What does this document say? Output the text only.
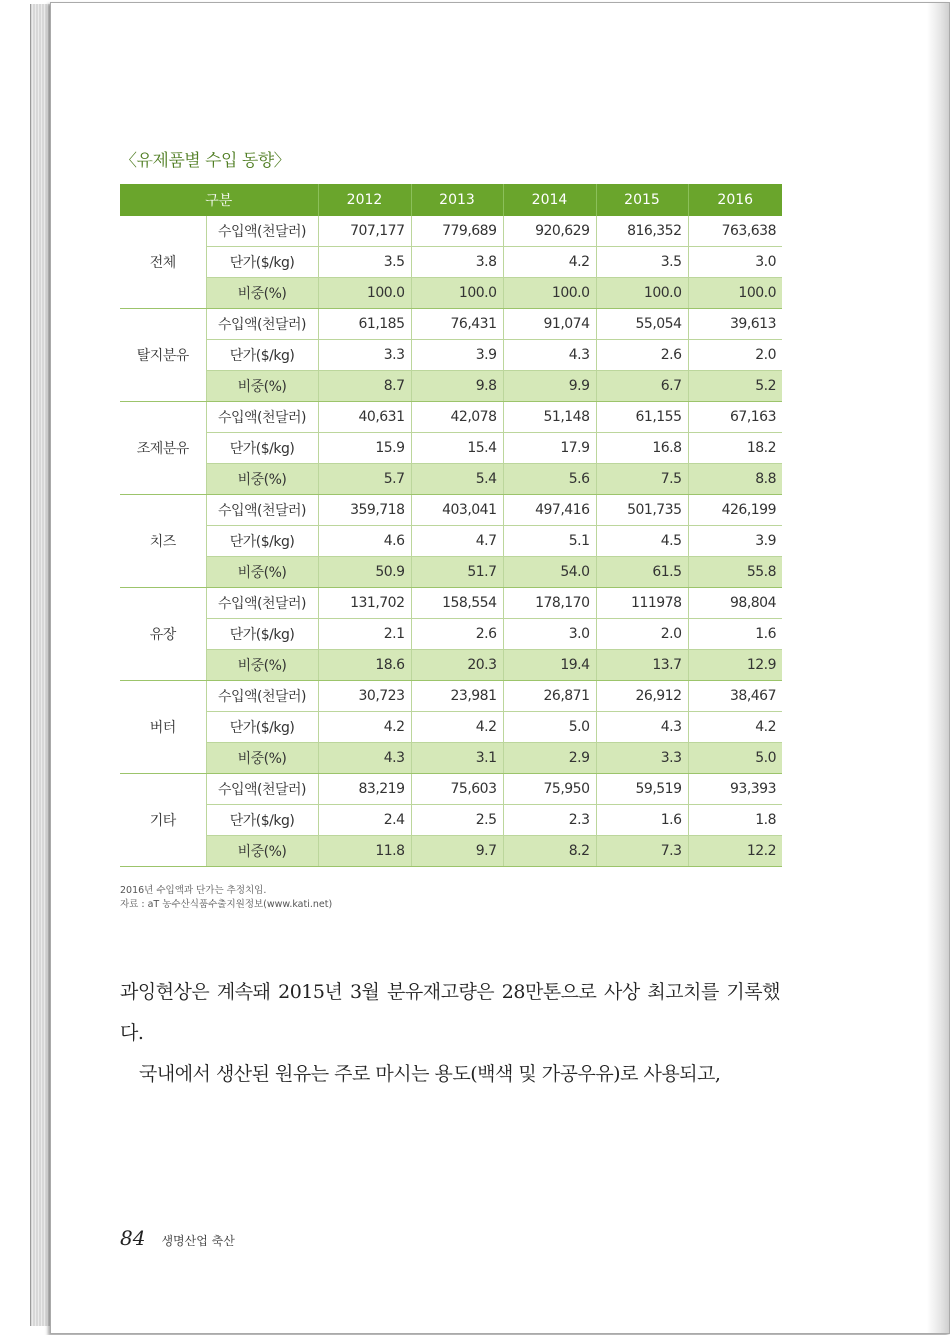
〈유제품별 수입 동향〉
구분		2012	2013	2014	2015	2016
전체	수입액(천달러)	707,177	779,689	920,629	816,352	763,638
	단가($/kg)	3.5	3.8	4.2	3.5	3.0
	비중(%)	100.0	100.0	100.0	100.0	100.0
탈지분유	수입액(천달러)	61,185	76,431	91,074	55,054	39,613
	단가($/kg)	3.3	3.9	4.3	2.6	2.0
	비중(%)	8.7	9.8	9.9	6.7	5.2
조제분유	수입액(천달러)	40,631	42,078	51,148	61,155	67,163
	단가($/kg)	15.9	15.4	17.9	16.8	18.2
	비중(%)	5.7	5.4	5.6	7.5	8.8
치즈	수입액(천달러)	359,718	403,041	497,416	501,735	426,199
	단가($/kg)	4.6	4.7	5.1	4.5	3.9
	비중(%)	50.9	51.7	54.0	61.5	55.8
유장	수입액(천달러)	131,702	158,554	178,170	111978	98,804
	단가($/kg)	2.1	2.6	3.0	2.0	1.6
	비중(%)	18.6	20.3	19.4	13.7	12.9
버터	수입액(천달러)	30,723	23,981	26,871	26,912	38,467
	단가($/kg)	4.2	4.2	5.0	4.3	4.2
	비중(%)	4.3	3.1	2.9	3.3	5.0
기타	수입액(천달러)	83,219	75,603	75,950	59,519	93,393
	단가($/kg)	2.4	2.5	2.3	1.6	1.8
	비중(%)	11.8	9.7	8.2	7.3	12.2
2016년 수입액과 단가는 추정치임.
자료 : aT 농수산식품수출지원정보(www.kati.net)

과잉현상은 계속돼 2015년 3월 분유재고량은 28만톤으로 사상 최고치를 기록했다.

국내에서 생산된 원유는 주로 마시는 용도(백색 및 가공우유)로 사용되고,

84 생명산업 축산
